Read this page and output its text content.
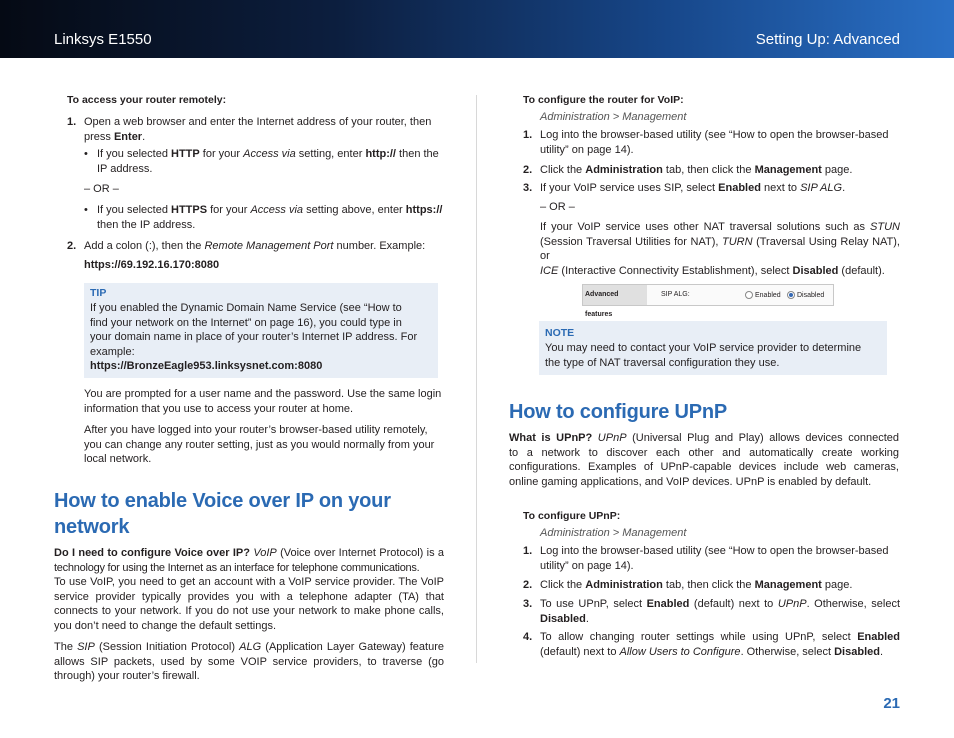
Linksys E1550	Setting Up: Advanced
To access your router remotely:
1. Open a web browser and enter the Internet address of your router, then
press Enter.
• If you selected HTTP for your Access via setting, enter http:// then the
IP address.
– OR –
• If you selected HTTPS for your Access via setting above, enter https://
then the IP address.
2. Add a colon (:), then the Remote Management Port number. Example:
https://69.192.16.170:8080
TIP
If you enabled the Dynamic Domain Name Service (see “How to
find your network on the Internet” on page 16), you could type in
your domain name in place of your router’s Internet IP address. For
example:
https://BronzeEagle953.linksysnet.com:8080
You are prompted for a user name and the password. Use the same login
information that you use to access your router at home.
After you have logged into your router’s browser-based utility remotely,
you can change any router setting, just as you would normally from your
local network.
How to enable Voice over IP on your
network
Do I need to configure Voice over IP? VoIP (Voice over Internet Protocol) is a
technology for using the Internet as an interface for telephone communications.
To use VoIP, you need to get an account with a VoIP service provider. The VoIP
service provider typically provides you with a telephone adapter (TA) that
connects to your network. If you do not use your network to make phone calls,
you don’t need to change the default settings.
The SIP (Session Initiation Protocol) ALG (Application Layer Gateway) feature
allows SIP packets, used by some VOIP service providers, to traverse (go
through) your router’s firewall.
To configure the router for VoIP:
Administration > Management
1. Log into the browser-based utility (see “How to open the browser-based
utility” on page 14).
2. Click the Administration tab, then click the Management page.
3. If your VoIP service uses SIP, select Enabled next to SIP ALG.
– OR –
If your VoIP service uses other NAT traversal solutions such as STUN
(Session Traversal Utilities for NAT), TURN (Traversal Using Relay NAT), or
ICE (Interactive Connectivity Establishment), select Disabled (default).
Advanced features
SIP ALG:	Enabled Disabled
NOTE
You may need to contact your VoIP service provider to determine
the type of NAT traversal configuration they use.
How to configure UPnP
What is UPnP? UPnP (Universal Plug and Play) allows devices connected
to a network to discover each other and automatically create working
configurations. Examples of UPnP-capable devices include web cameras,
online gaming applications, and VoIP devices. UPnP is enabled by default.
To configure UPnP:
Administration > Management
1. Log into the browser-based utility (see “How to open the browser-based
utility” on page 14).
2. Click the Administration tab, then click the Management page.
3. To use UPnP, select Enabled (default) next to UPnP. Otherwise, select
Disabled.
4. To allow changing router settings while using UPnP, select Enabled
(default) next to Allow Users to Configure. Otherwise, select Disabled.
21
